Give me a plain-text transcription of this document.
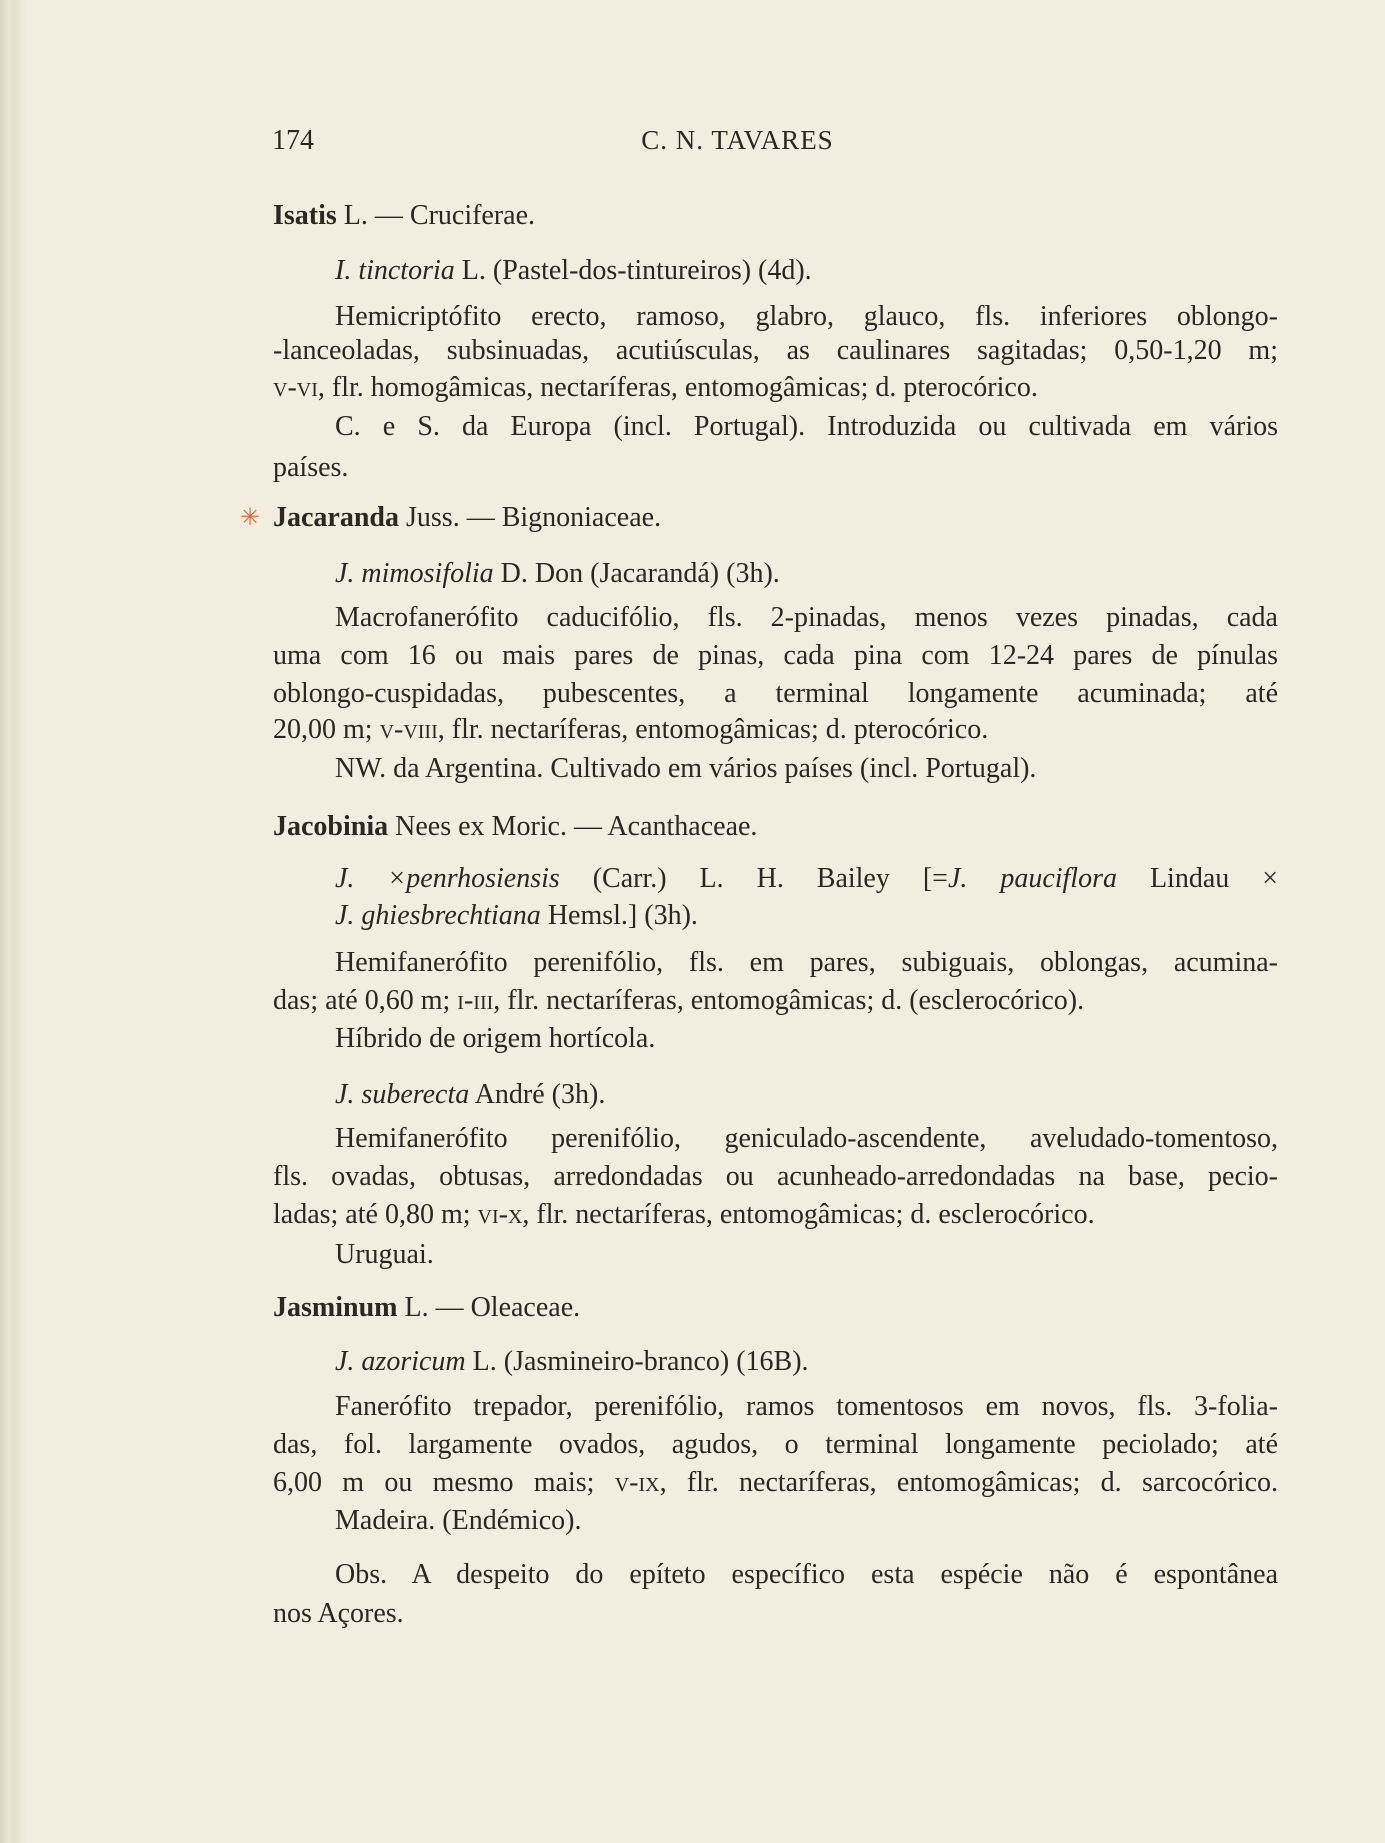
174	C. N. TAVARES
✳
Isatis L. — Cruciferae.
I. tinctoria L. (Pastel-dos-tintureiros) (4d).
Hemicriptófito erecto, ramoso, glabro, glauco, fls. inferiores oblongo-
-lanceoladas, subsinuadas, acutiúsculas, as caulinares sagitadas; 0,50-1,20 m;
v-vi, flr. homogâmicas, nectaríferas, entomogâmicas; d. pterocórico.
C. e S. da Europa (incl. Portugal). Introduzida ou cultivada em vários
países.
Jacaranda Juss. — Bignoniaceae.
J. mimosifolia D. Don (Jacarandá) (3h).
Macrofanerófito caducifólio, fls. 2-pinadas, menos vezes pinadas, cada
uma com 16 ou mais pares de pinas, cada pina com 12-24 pares de pínulas
oblongo-cuspidadas, pubescentes, a terminal longamente acuminada; até
20,00 m; v-viii, flr. nectaríferas, entomogâmicas; d. pterocórico.
NW. da Argentina. Cultivado em vários países (incl. Portugal).
Jacobinia Nees ex Moric. — Acanthaceae.
J. ×penrhosiensis (Carr.) L. H. Bailey [=J. pauciflora Lindau ×
J. ghiesbrechtiana Hemsl.] (3h).
Hemifanerófito perenifólio, fls. em pares, subiguais, oblongas, acumina-
das; até 0,60 m; i-iii, flr. nectaríferas, entomogâmicas; d. (esclerocórico).
Híbrido de origem hortícola.
J. suberecta André (3h).
Hemifanerófito perenifólio, geniculado-ascendente, aveludado-tomentoso,
fls. ovadas, obtusas, arredondadas ou acunheado-arredondadas na base, pecio-
ladas; até 0,80 m; vi-x, flr. nectaríferas, entomogâmicas; d. esclerocórico.
Uruguai.
Jasminum L. — Oleaceae.
J. azoricum L. (Jasmineiro-branco) (16B).
Fanerófito trepador, perenifólio, ramos tomentosos em novos, fls. 3-folia-
das, fol. largamente ovados, agudos, o terminal longamente peciolado; até
6,00 m ou mesmo mais; v-ix, flr. nectaríferas, entomogâmicas; d. sarcocórico.
Madeira. (Endémico).
Obs. A despeito do epíteto específico esta espécie não é espontânea
nos Açores.
